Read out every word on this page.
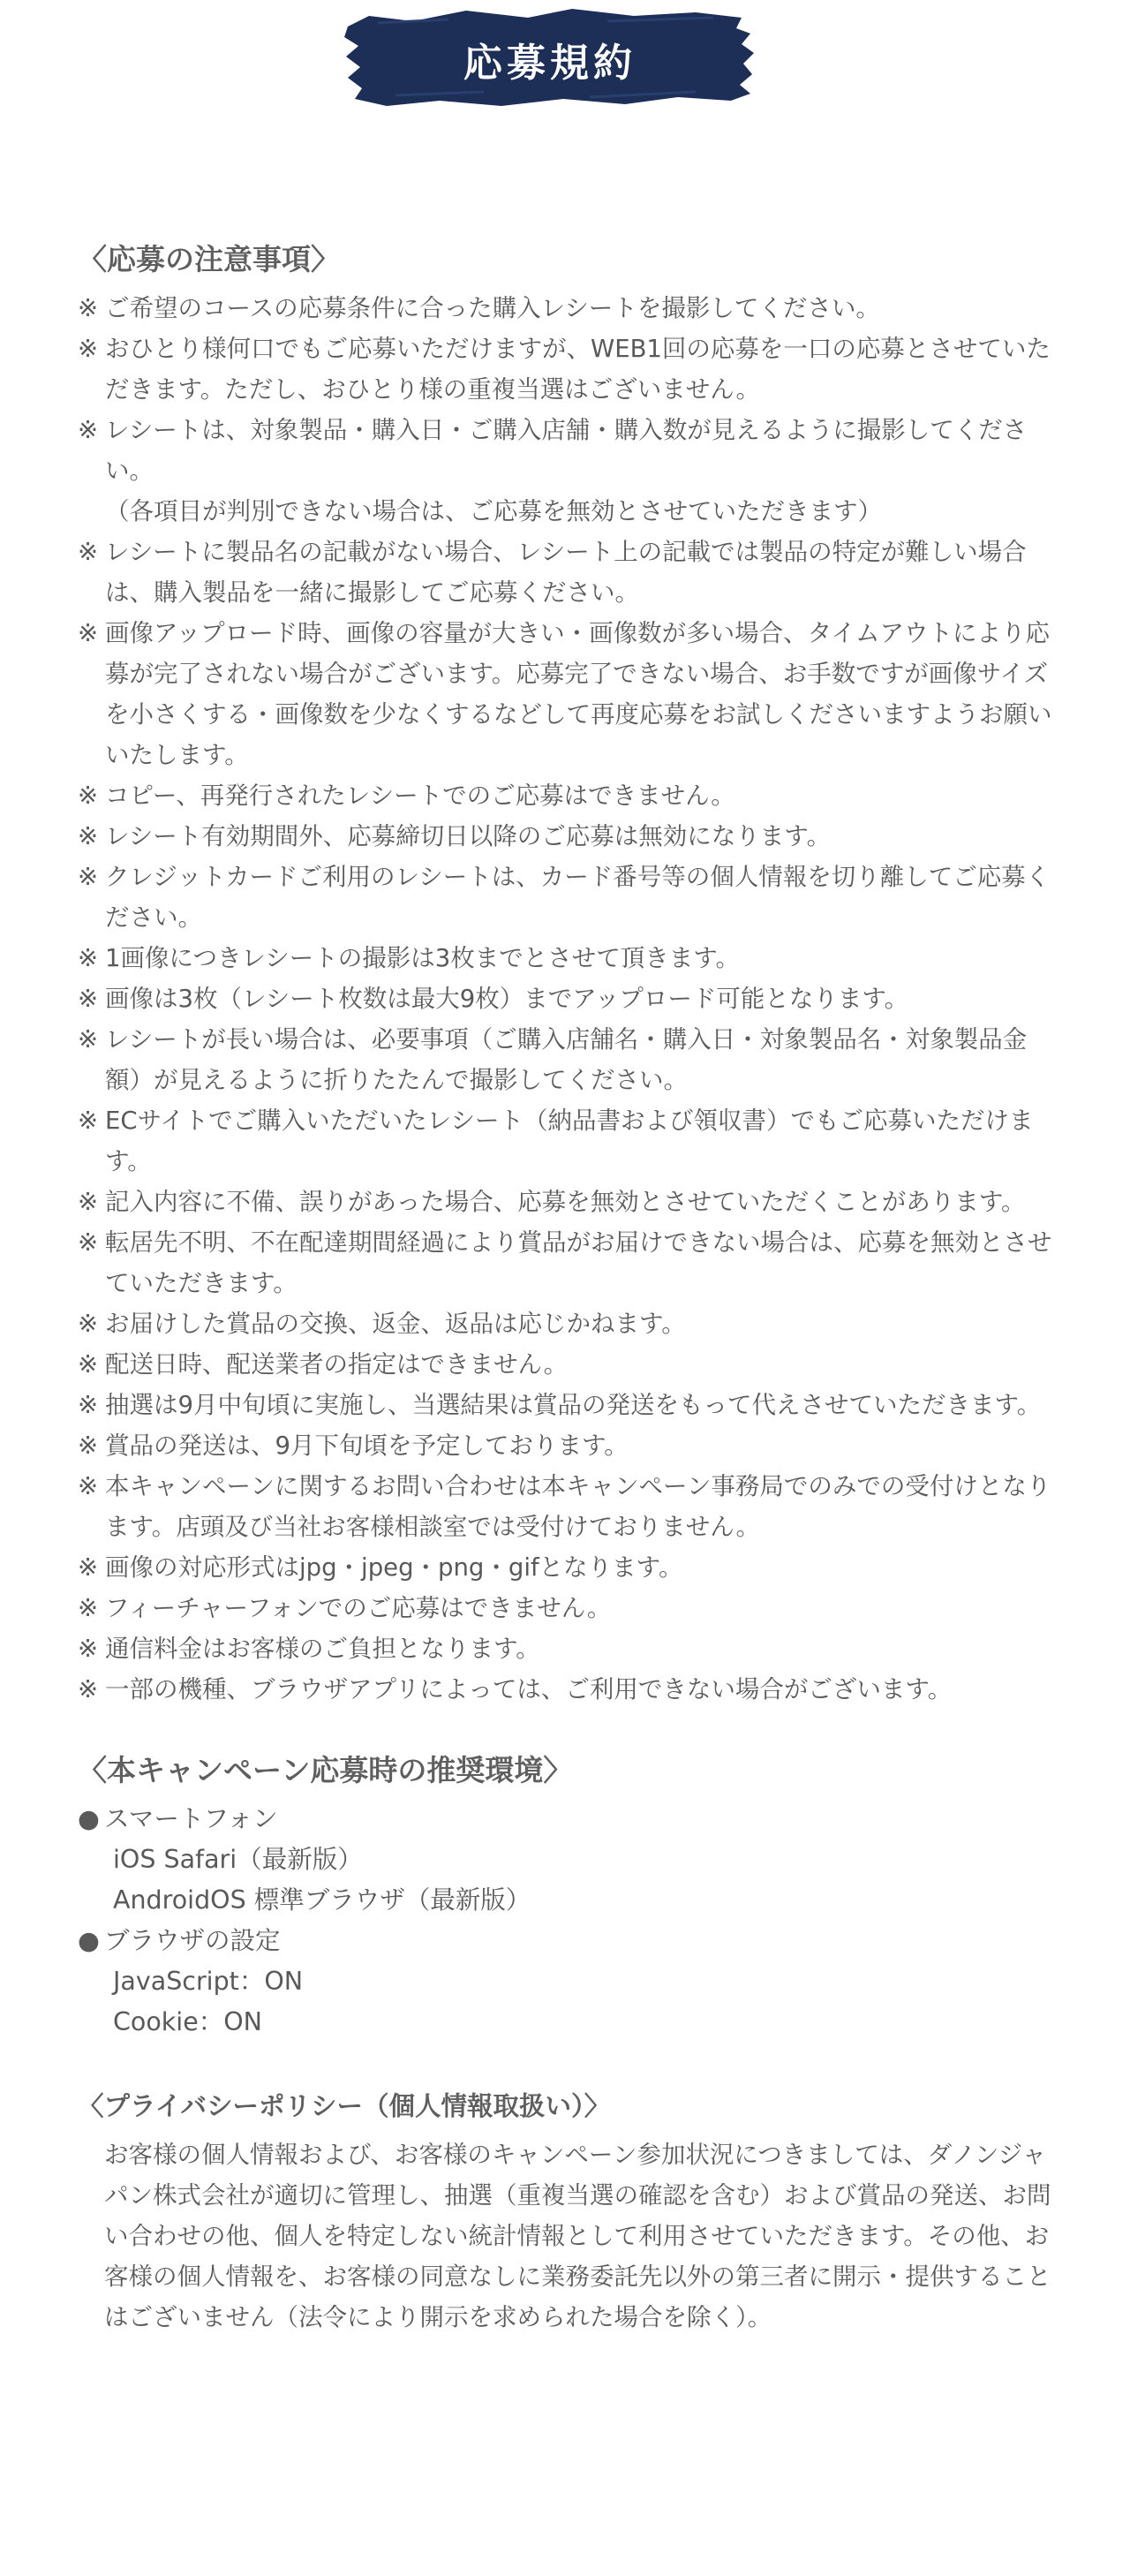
応募規約
〈応募の注意事項〉
※ ご希望のコースの応募条件に合った購入レシートを撮影してください。
※ おひとり様何口でもご応募いただけますが、WEB1回の応募を一口の応募とさせていただきます。ただし、おひとり様の重複当選はございません。
※ レシートは、対象製品・購入日・ご購入店舗・購入数が見えるように撮影してください。
（各項目が判別できない場合は、ご応募を無効とさせていただきます）
※ レシートに製品名の記載がない場合、レシート上の記載では製品の特定が難しい場合は、購入製品を一緒に撮影してご応募ください。
※ 画像アップロード時、画像の容量が大きい・画像数が多い場合、タイムアウトにより応募が完了されない場合がございます。応募完了できない場合、お手数ですが画像サイズを小さくする・画像数を少なくするなどして再度応募をお試しくださいますようお願いいたします。
※ コピー、再発行されたレシートでのご応募はできません。
※ レシート有効期間外、応募締切日以降のご応募は無効になります。
※ クレジットカードご利用のレシートは、カード番号等の個人情報を切り離してご応募ください。
※ 1画像につきレシートの撮影は3枚までとさせて頂きます。
※ 画像は3枚（レシート枚数は最大9枚）までアップロード可能となります。
※ レシートが長い場合は、必要事項（ご購入店舗名・購入日・対象製品名・対象製品金額）が見えるように折りたたんで撮影してください。
※ ECサイトでご購入いただいたレシート（納品書および領収書）でもご応募いただけます。
※ 記入内容に不備、誤りがあった場合、応募を無効とさせていただくことがあります。
※ 転居先不明、不在配達期間経過により賞品がお届けできない場合は、応募を無効とさせていただきます。
※ お届けした賞品の交換、返金、返品は応じかねます。
※ 配送日時、配送業者の指定はできません。
※ 抽選は9月中旬頃に実施し、当選結果は賞品の発送をもって代えさせていただきます。
※ 賞品の発送は、9月下旬頃を予定しております。
※ 本キャンペーンに関するお問い合わせは本キャンペーン事務局でのみでの受付けとなります。店頭及び当社お客様相談室では受付けておりません。
※ 画像の対応形式はjpg・jpeg・png・gifとなります。
※ フィーチャーフォンでのご応募はできません。
※ 通信料金はお客様のご負担となります。
※ 一部の機種、ブラウザアプリによっては、ご利用できない場合がございます。
〈本キャンペーン応募時の推奨環境〉
● スマートフォン
iOS Safari（最新版）
AndroidOS 標準ブラウザ（最新版）
● ブラウザの設定
JavaScript：ON
Cookie：ON
〈プライバシーポリシー（個人情報取扱い）〉

お客様の個人情報および、お客様のキャンペーン参加状況につきましては、ダノンジャパン株式会社が適切に管理し、抽選（重複当選の確認を含む）および賞品の発送、お問い合わせの他、個人を特定しない統計情報として利用させていただきます。その他、お客様の個人情報を、お客様の同意なしに業務委託先以外の第三者に開示・提供することはございません（法令により開示を求められた場合を除く）。
